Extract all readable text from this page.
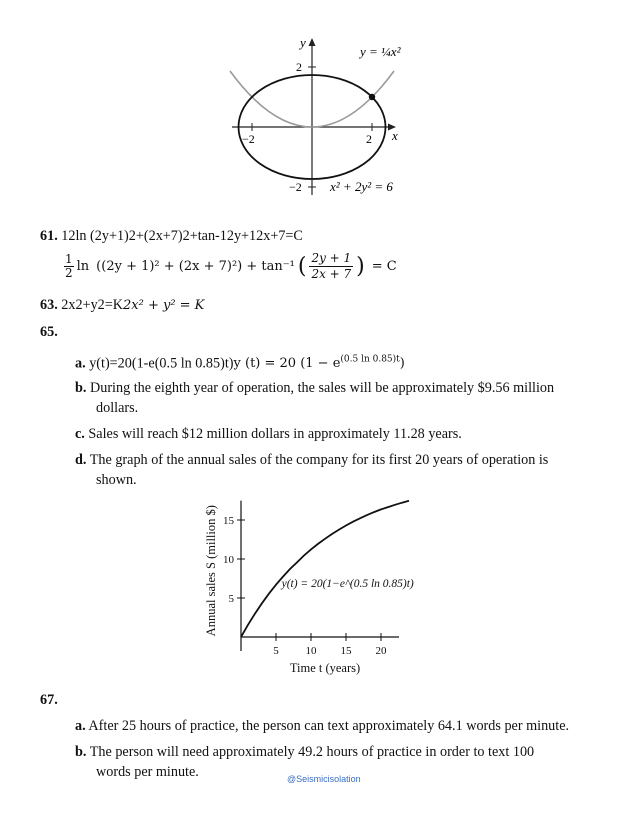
y
x
−2	2
2
−2
y = ¼x²
x² + 2y² = 6
61. 12ln (2y+1)2+(2x+7)2+tan-12y+12x+7=C
1
2 ln ((2y + 1)² + (2x + 7)²) + tan⁻¹ ( 2y + 1
2x + 7 ) = C
63. 2x2+y2=K2x² + y² = K
65.
a. y(t)=20(1-e(0.5 ln 0.85)t)y (t) = 20 $(1 - e^{(0.5 ln 0.85)t})$
b. During the eighth year of operation, the sales will be approximately $9.56 million
dollars.
c. Sales will reach $12 million dollars in approximately 11.28 years.
d. The graph of the annual sales of the company for its first 20 years of operation is
shown.
5 10 15 20
5
10
15
Time t (years)
Annual sales S (million $)	y(t) = 20(1−e^(0.5 ln 0.85)t)
67.
a. After 25 hours of practice, the person can text approximately 64.1 words per minute.
b. The person will need approximately 49.2 hours of practice in order to text 100
words per minute.	@Seismicisolation
